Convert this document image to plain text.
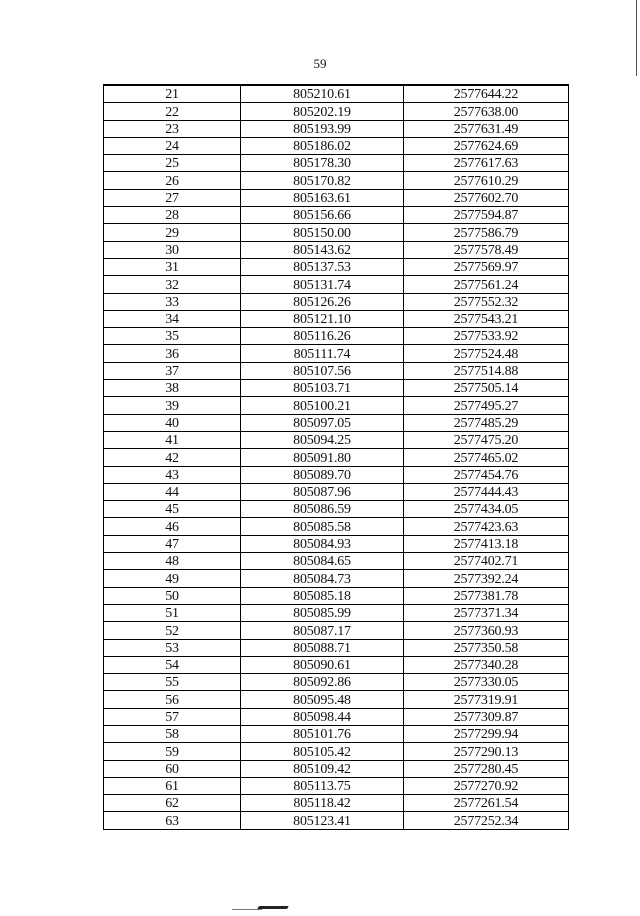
59
21	805210.61	2577644.22
22	805202.19	2577638.00
23	805193.99	2577631.49
24	805186.02	2577624.69
25	805178.30	2577617.63
26	805170.82	2577610.29
27	805163.61	2577602.70
28	805156.66	2577594.87
29	805150.00	2577586.79
30	805143.62	2577578.49
31	805137.53	2577569.97
32	805131.74	2577561.24
33	805126.26	2577552.32
34	805121.10	2577543.21
35	805116.26	2577533.92
36	805111.74	2577524.48
37	805107.56	2577514.88
38	805103.71	2577505.14
39	805100.21	2577495.27
40	805097.05	2577485.29
41	805094.25	2577475.20
42	805091.80	2577465.02
43	805089.70	2577454.76
44	805087.96	2577444.43
45	805086.59	2577434.05
46	805085.58	2577423.63
47	805084.93	2577413.18
48	805084.65	2577402.71
49	805084.73	2577392.24
50	805085.18	2577381.78
51	805085.99	2577371.34
52	805087.17	2577360.93
53	805088.71	2577350.58
54	805090.61	2577340.28
55	805092.86	2577330.05
56	805095.48	2577319.91
57	805098.44	2577309.87
58	805101.76	2577299.94
59	805105.42	2577290.13
60	805109.42	2577280.45
61	805113.75	2577270.92
62	805118.42	2577261.54
63	805123.41	2577252.34
